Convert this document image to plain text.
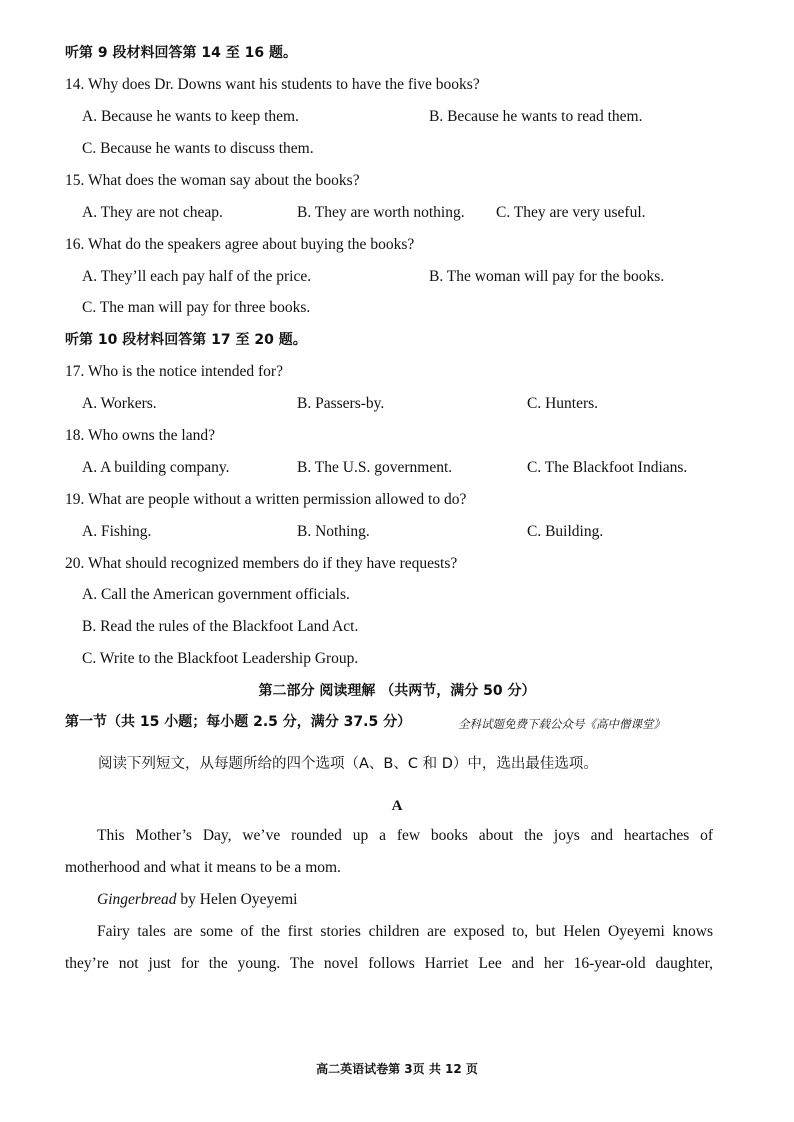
听第 9 段材料回答第 14 至 16 题。
14. Why does Dr. Downs want his students to have the five books?
A. Because he wants to keep them.	B. Because he wants to read them.
C. Because he wants to discuss them.
15. What does the woman say about the books?
A. They are not cheap.	B. They are worth nothing. C. They are very useful.
16. What do the speakers agree about buying the books?
A. They’ll each pay half of the price.	B. The woman will pay for the books.
C. The man will pay for three books.
听第 10 段材料回答第 17 至 20 题。
17. Who is the notice intended for?
A. Workers.	B. Passers-by.	C. Hunters.
18. Who owns the land?
A. A building company.	B. The U.S. government.	C. The Blackfoot Indians.
19. What are people without a written permission allowed to do?
A. Fishing.	B. Nothing.	C. Building.
20. What should recognized members do if they have requests?
A. Call the American government officials.
B. Read the rules of the Blackfoot Land Act.
C. Write to the Blackfoot Leadership Group.
第二部分 阅读理解 （共两节，满分 50 分）
第一节（共 15 小题；每小题 2.5 分，满分 37.5 分）	全科试题免费下载公众号《高中僧课堂》
阅读下列短文，从每题所给的四个选项（A、B、C 和 D）中，选出最佳选项。
A
This Mother’s Day, we’ve rounded up a few books about the joys and heartaches of
motherhood and what it means to be a mom.
Gingerbread by Helen Oyeyemi
Fairy tales are some of the first stories children are exposed to, but Helen Oyeyemi knows
they’re not just for the young. The novel follows Harriet Lee and her 16-year-old daughter,
高二英语试卷第 3页 共 12 页
